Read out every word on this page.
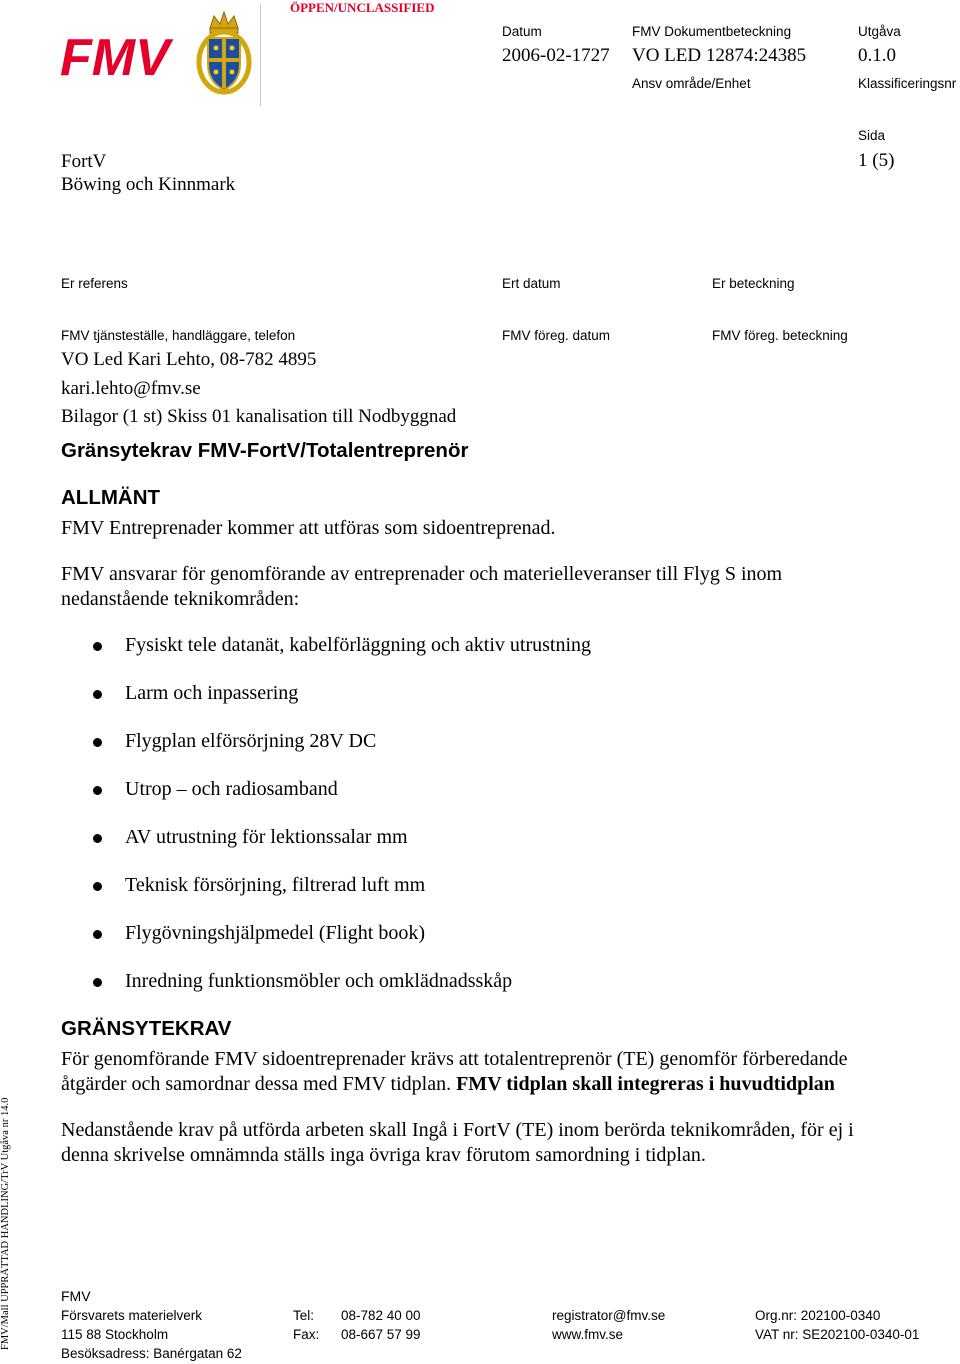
ÖPPEN/UNCLASSIFIED
FMV	Datum
2006-02-1727
FMV Dokumentbeteckning
VO LED 12874:24385
Utgåva
0.1.0
Ansv område/Enhet	Klassificeringsnr
Sida
1 (5)
FortV
Böwing och Kinnmark
Er referens	Ert datum	Er beteckning
FMV tjänsteställe, handläggare, telefon	FMV föreg. datum	FMV föreg. beteckning
VO Led Kari Lehto, 08-782 4895
kari.lehto@fmv.se
Bilagor (1 st) Skiss 01 kanalisation till Nodbyggnad
Gränsytekrav FMV-FortV/Totalentreprenör
ALLMÄNT
FMV Entreprenader kommer att utföras som sidoentreprenad.
FMV ansvarar för genomförande av entreprenader och materielleveranser till Flyg S inom
nedanstående teknikområden:
Fysiskt tele datanät, kabelförläggning och aktiv utrustning
Larm och inpassering
Flygplan elförsörjning 28V DC
Utrop – och radiosamband
AV utrustning för lektionssalar mm
Teknisk försörjning, filtrerad luft mm
Flygövningshjälpmedel (Flight book)
Inredning funktionsmöbler och omklädnadsskåp
GRÄNSYTEKRAV
För genomförande FMV sidoentreprenader krävs att totalentreprenör (TE) genomför förberedande
åtgärder och samordnar dessa med FMV tidplan. FMV tidplan skall integreras i huvudtidplan
Nedanstående krav på utförda arbeten skall Ingå i FortV (TE) inom berörda teknikområden, för ej i
denna skrivelse omnämnda ställs inga övriga krav förutom samordning i tidplan.
FMV/Mall UPPRÄTTAD HANDLING/TrV Utgåva nr 14.0	FMV
Försvarets materielverk
115 88 Stockholm
Besöksadress: Banérgatan 62
Tel: 08-782 40 00
Fax: 08-667 57 99
registrator@fmv.se
www.fmv.se
Org.nr: 202100-0340
VAT nr: SE202100-0340-01
